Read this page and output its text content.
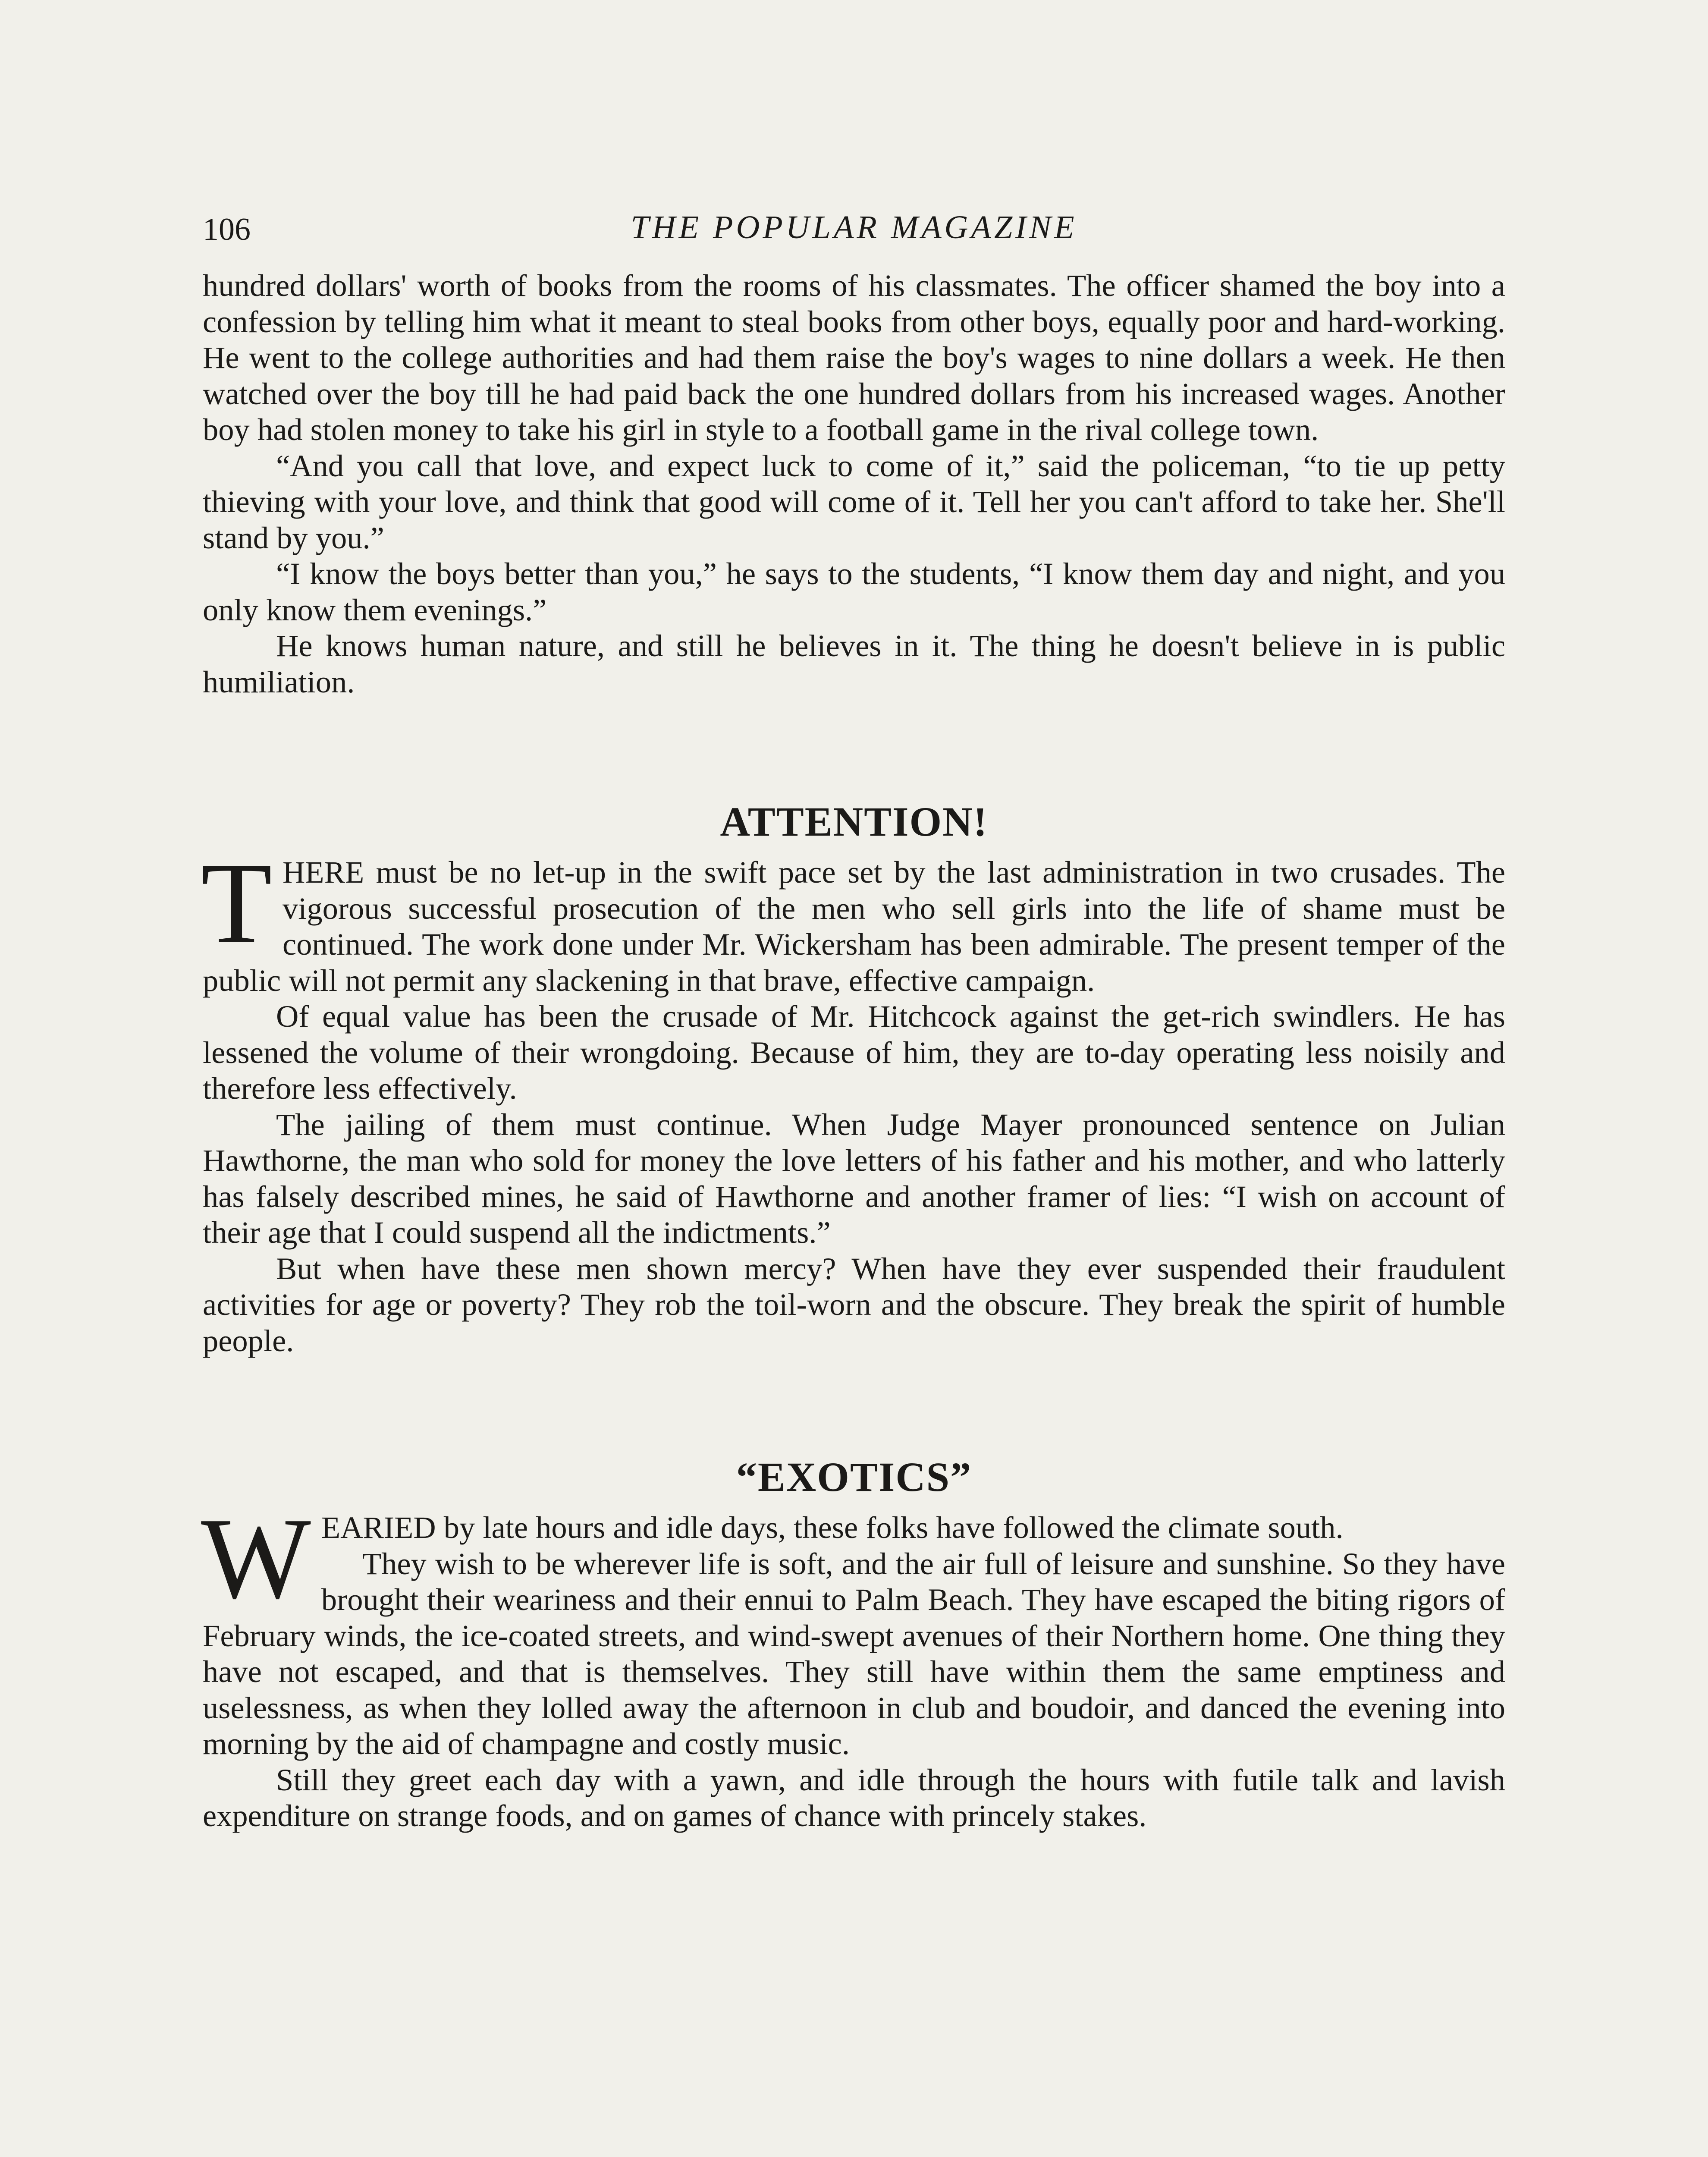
106	THE POPULAR MAGAZINE

hundred dollars' worth of books from the rooms of his classmates. The officer shamed the boy into a confession by telling him what it meant to steal books from other boys, equally poor and hard-working. He went to the college authorities and had them raise the boy's wages to nine dollars a week. He then watched over the boy till he had paid back the one hundred dollars from his increased wages. Another boy had stolen money to take his girl in style to a football game in the rival college town.

“And you call that love, and expect luck to come of it,” said the policeman, “to tie up petty thieving with your love, and think that good will come of it. Tell her you can't afford to take her. She'll stand by you.”

“I know the boys better than you,” he says to the students, “I know them day and night, and you only know them evenings.”

He knows human nature, and still he believes in it. The thing he doesn't believe in is public humiliation.

ATTENTION!

THERE must be no let-up in the swift pace set by the last administration in two crusades. The vigorous successful prosecution of the men who sell girls into the life of shame must be continued. The work done under Mr. Wickersham has been admirable. The present temper of the public will not permit any slackening in that brave, effective campaign.

Of equal value has been the crusade of Mr. Hitchcock against the get-rich swindlers. He has lessened the volume of their wrongdoing. Because of him, they are to-day operating less noisily and therefore less effectively.

The jailing of them must continue. When Judge Mayer pronounced sentence on Julian Hawthorne, the man who sold for money the love letters of his father and his mother, and who latterly has falsely described mines, he said of Hawthorne and another framer of lies: “I wish on account of their age that I could suspend all the indictments.”

But when have these men shown mercy? When have they ever suspended their fraudulent activities for age or poverty? They rob the toil-worn and the obscure. They break the spirit of humble people.

“EXOTICS”

WEARIED by late hours and idle days, these folks have followed the climate south.
They wish to be wherever life is soft, and the air full of leisure and sunshine. So they have brought their weariness and their ennui to Palm Beach. They have escaped the biting rigors of February winds, the ice-coated streets, and wind-swept avenues of their Northern home. One thing they have not escaped, and that is themselves. They still have within them the same emptiness and uselessness, as when they lolled away the afternoon in club and boudoir, and danced the evening into morning by the aid of champagne and costly music.

Still they greet each day with a yawn, and idle through the hours with futile talk and lavish expenditure on strange foods, and on games of chance with princely stakes.
